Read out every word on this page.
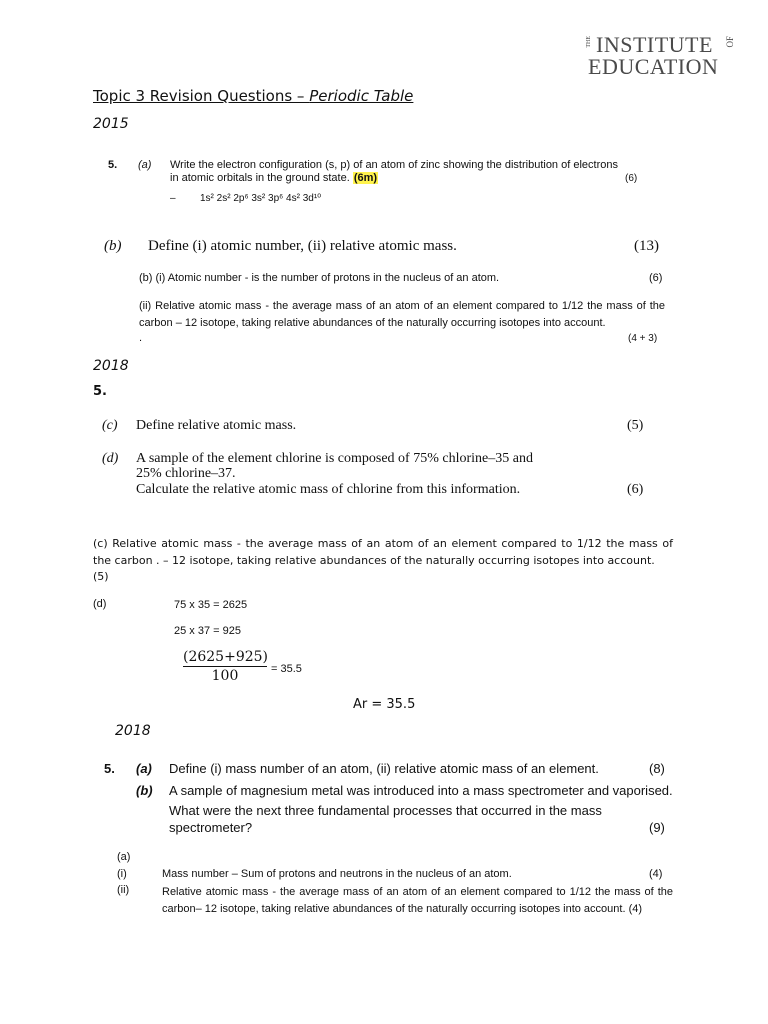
THE INSTITUTE OF
EDUCATION
Topic 3 Revision Questions – Periodic Table
2015
5. (a) Write the electron configuration (s, p) of an atom of zinc showing the distribution of electrons
in atomic orbitals in the ground state. (6m)	(6)
– 1s² 2s² 2p⁶ 3s² 3p⁶ 4s² 3d¹⁰
(b) Define (i) atomic number, (ii) relative atomic mass.	(13)
(b) (i) Atomic number - is the number of protons in the nucleus of an atom.	(6)
(ii) Relative atomic mass - the average mass of an atom of an element compared to 1/12 the mass of the carbon – 12 isotope, taking relative abundances of the naturally occurring isotopes into account.
.	(4 + 3)
2018
5.
(c) Define relative atomic mass.	(5)
(d) A sample of the element chlorine is composed of 75% chlorine–35 and
25% chlorine–37.
Calculate the relative atomic mass of chlorine from this information.	(6)
(c) Relative atomic mass - the average mass of an atom of an element compared to 1/12 the mass of the carbon . – 12 isotope, taking relative abundances of the naturally occurring isotopes into account.
(5)
(d)	75 x 35 = 2625
25 x 37 = 925
$\frac{(2625+925)}{100} = 35.5$
Ar = 35.5
2018
5. (a) Define (i) mass number of an atom, (ii) relative atomic mass of an element.	(8)
(b) A sample of magnesium metal was introduced into a mass spectrometer and vaporised.
What were the next three fundamental processes that occurred in the mass
spectrometer?	(9)
(a)
(i)	Mass number – Sum of protons and neutrons in the nucleus of an atom.	(4)
(ii)	Relative atomic mass - the average mass of an atom of an element compared to 1/12 the mass of the carbon– 12 isotope, taking relative abundances of the naturally occurring isotopes into account. (4)
